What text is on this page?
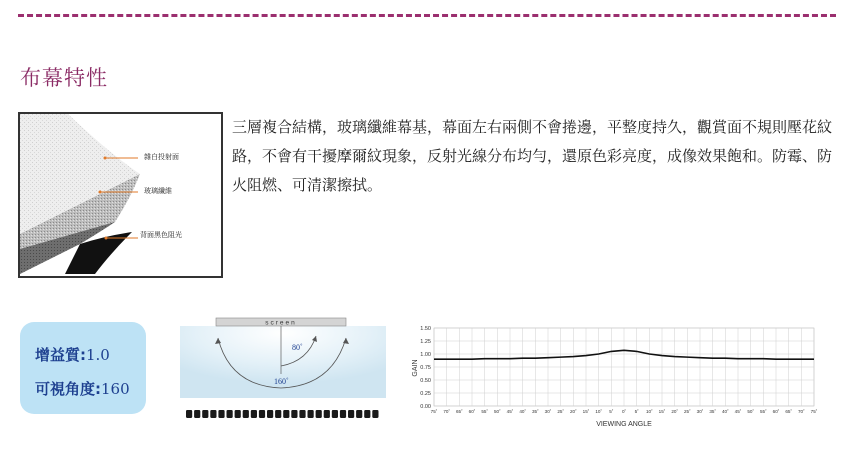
布幕特性
雜白投射面
玻璃纖維
背面黑色阻光

三層複合結構，玻璃纖維幕基，幕面左右兩側不會捲邊，平整度持久，觀賞面不規則壓花紋路，不會有干擾摩爾紋現象，反射光線分布均勻，還原色彩亮度，成像效果飽和。防霉、防火阻燃、可清潔擦拭。

增益質:1.0
可視角度:160
screen
80˚
160˚
0.00
0.25
0.50
0.75
1.00
1.25
1.50
75˚ 70˚ 65˚ 60˚ 55˚ 50˚ 45˚ 40˚ 35˚ 30˚ 25˚ 20˚ 15˚ 10˚ 5˚ 0˚ 5˚ 10˚ 15˚ 20˚ 25˚ 30˚ 35˚ 40˚ 45˚ 50˚ 55˚ 60˚ 65˚ 70˚ 75˚
GAIN
VIEWING ANGLE
